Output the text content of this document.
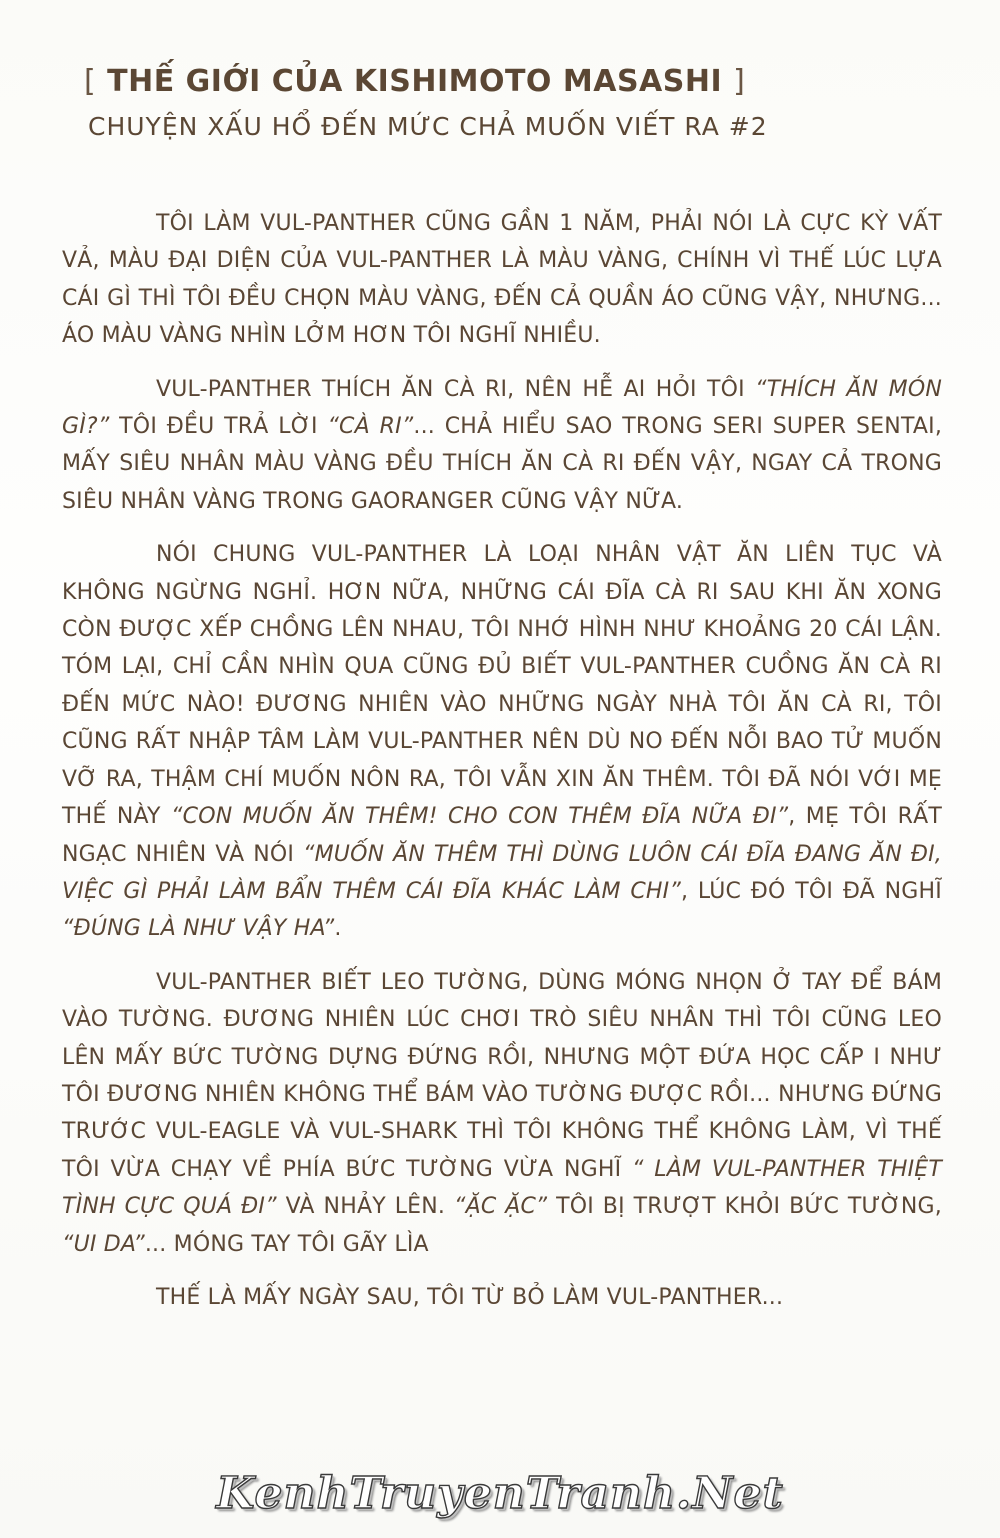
[ THẾ GIỚI CỦA KISHIMOTO MASASHI ]
CHUYỆN XẤU HỔ ĐẾN MỨC CHẢ MUỐN VIẾT RA #2

TÔI LÀM VUL-PANTHER CŨNG GẦN 1 NĂM, PHẢI NÓI LÀ CỰC KỲ VẤT VẢ, MÀU ĐẠI DIỆN CỦA VUL-PANTHER LÀ MÀU VÀNG, CHÍNH VÌ THẾ LÚC LỰA CÁI GÌ THÌ TÔI ĐỀU CHỌN MÀU VÀNG, ĐẾN CẢ QUẦN ÁO CŨNG VẬY, NHƯNG... ÁO MÀU VÀNG NHÌN LỞM HƠN TÔI NGHĨ NHIỀU.

VUL-PANTHER THÍCH ĂN CÀ RI, NÊN HỄ AI HỎI TÔI “THÍCH ĂN MÓN GÌ?” TÔI ĐỀU TRẢ LỜI “CÀ RI”... CHẢ HIỂU SAO TRONG SERI SUPER SENTAI, MẤY SIÊU NHÂN MÀU VÀNG ĐỀU THÍCH ĂN CÀ RI ĐẾN VẬY, NGAY CẢ TRONG SIÊU NHÂN VÀNG TRONG GAORANGER CŨNG VẬY NỮA.

NÓI CHUNG VUL-PANTHER LÀ LOẠI NHÂN VẬT ĂN LIÊN TỤC VÀ KHÔNG NGỪNG NGHỈ. HƠN NỮA, NHỮNG CÁI ĐĨA CÀ RI SAU KHI ĂN XONG CÒN ĐƯỢC XẾP CHỒNG LÊN NHAU, TÔI NHỚ HÌNH NHƯ KHOẢNG 20 CÁI LẬN. TÓM LẠI, CHỈ CẦN NHÌN QUA CŨNG ĐỦ BIẾT VUL-PANTHER CUỒNG ĂN CÀ RI ĐẾN MỨC NÀO! ĐƯƠNG NHIÊN VÀO NHỮNG NGÀY NHÀ TÔI ĂN CÀ RI, TÔI CŨNG RẤT NHẬP TÂM LÀM VUL-PANTHER NÊN DÙ NO ĐẾN NỖI BAO TỬ MUỐN VỠ RA, THẬM CHÍ MUỐN NÔN RA, TÔI VẪN XIN ĂN THÊM. TÔI ĐÃ NÓI VỚI MẸ THẾ NÀY “CON MUỐN ĂN THÊM! CHO CON THÊM ĐĨA NỮA ĐI”, MẸ TÔI RẤT NGẠC NHIÊN VÀ NÓI “MUỐN ĂN THÊM THÌ DÙNG LUÔN CÁI ĐĨA ĐANG ĂN ĐI, VIỆC GÌ PHẢI LÀM BẨN THÊM CÁI ĐĨA KHÁC LÀM CHI”, LÚC ĐÓ TÔI ĐÃ NGHĨ “ĐÚNG LÀ NHƯ VẬY HA”.

VUL-PANTHER BIẾT LEO TƯỜNG, DÙNG MÓNG NHỌN Ở TAY ĐỂ BÁM VÀO TƯỜNG. ĐƯƠNG NHIÊN LÚC CHƠI TRÒ SIÊU NHÂN THÌ TÔI CŨNG LEO LÊN MẤY BỨC TƯỜNG DỰNG ĐỨNG RỒI, NHƯNG MỘT ĐỨA HỌC CẤP I NHƯ TÔI ĐƯƠNG NHIÊN KHÔNG THỂ BÁM VÀO TƯỜNG ĐƯỢC RỒI... NHƯNG ĐỨNG TRƯỚC VUL-EAGLE VÀ VUL-SHARK THÌ TÔI KHÔNG THỂ KHÔNG LÀM, VÌ THẾ TÔI VỪA CHẠY VỀ PHÍA BỨC TƯỜNG VỪA NGHĨ “ LÀM VUL-PANTHER THIỆT TÌNH CỰC QUÁ ĐI” VÀ NHẢY LÊN. “ẶC ẶC” TÔI BỊ TRƯỢT KHỎI BỨC TƯỜNG, “UI DA”... MÓNG TAY TÔI GÃY LÌA

THẾ LÀ MẤY NGÀY SAU, TÔI TỪ BỎ LÀM VUL-PANTHER...

KenhTruyenTranh.Net
